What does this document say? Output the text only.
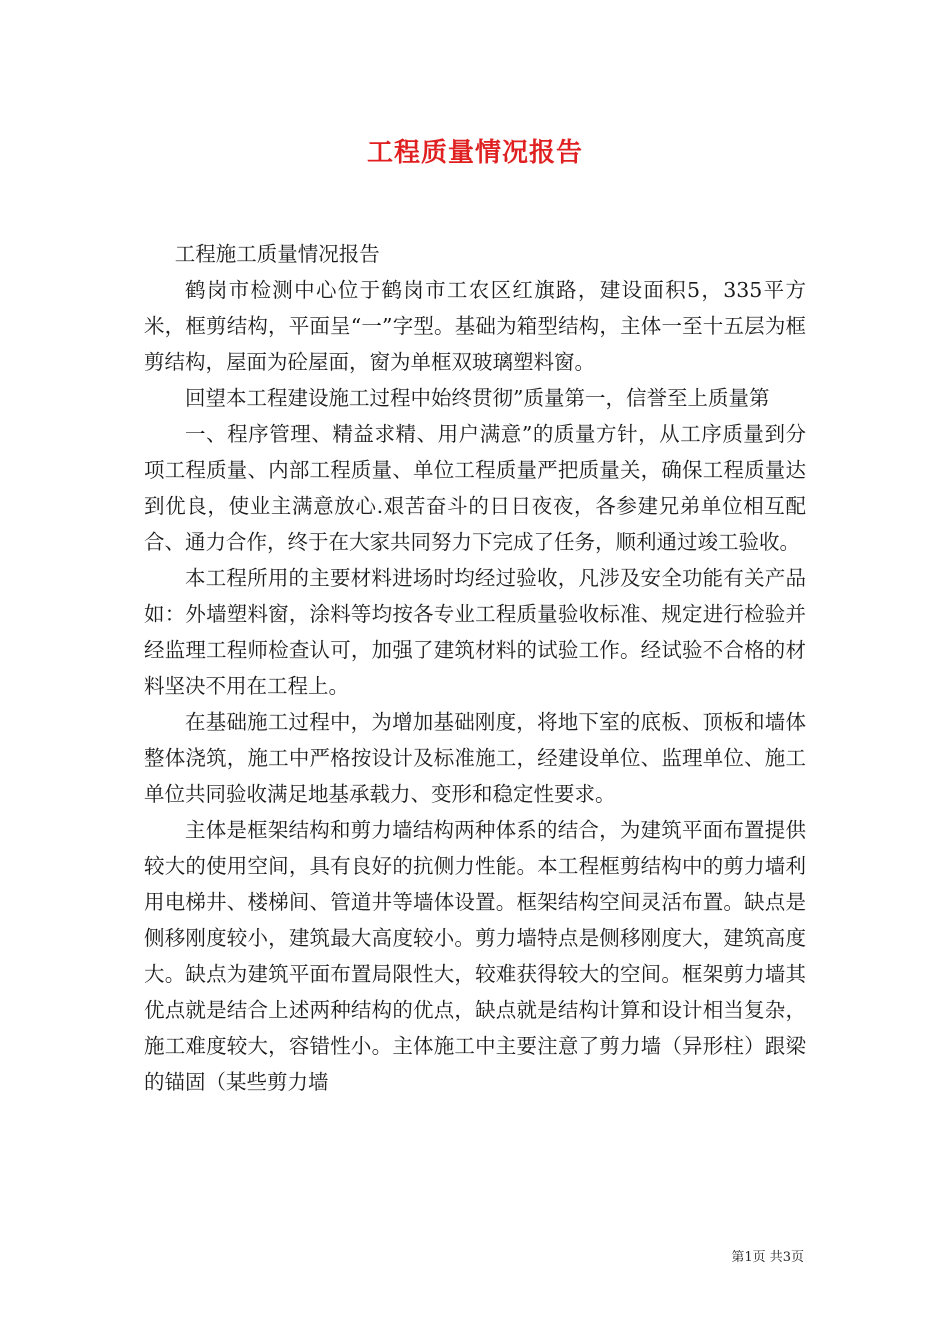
工程质量情况报告

工程施工质量情况报告

鹤岗市检测中心位于鹤岗市工农区红旗路，建设面积5，335平方米，框剪结构，平面呈“一”字型。基础为箱型结构，主体一至十五层为框剪结构，屋面为砼屋面，窗为单框双玻璃塑料窗。

回望本工程建设施工过程中始终贯彻”质量第一，信誉至上质量第

一、程序管理、精益求精、用户满意”的质量方针，从工序质量到分项工程质量、内部工程质量、单位工程质量严把质量关，确保工程质量达到优良，使业主满意放心.艰苦奋斗的日日夜夜，各参建兄弟单位相互配合、通力合作，终于在大家共同努力下完成了任务，顺利通过竣工验收。

本工程所用的主要材料进场时均经过验收，凡涉及安全功能有关产品如：外墙塑料窗，涂料等均按各专业工程质量验收标准、规定进行检验并经监理工程师检查认可，加强了建筑材料的试验工作。经试验不合格的材料坚决不用在工程上。

在基础施工过程中，为增加基础刚度，将地下室的底板、顶板和墙体整体浇筑，施工中严格按设计及标准施工，经建设单位、监理单位、施工单位共同验收满足地基承载力、变形和稳定性要求。

主体是框架结构和剪力墙结构两种体系的结合，为建筑平面布置提供较大的使用空间，具有良好的抗侧力性能。本工程框剪结构中的剪力墙利用电梯井、楼梯间、管道井等墙体设置。框架结构空间灵活布置。缺点是侧移刚度较小，建筑最大高度较小。剪力墙特点是侧移刚度大，建筑高度大。缺点为建筑平面布置局限性大，较难获得较大的空间。框架剪力墙其优点就是结合上述两种结构的优点，缺点就是结构计算和设计相当复杂，施工难度较大，容错性小。主体施工中主要注意了剪力墙（异形柱）跟梁的锚固（某些剪力墙

第1页 共3页
